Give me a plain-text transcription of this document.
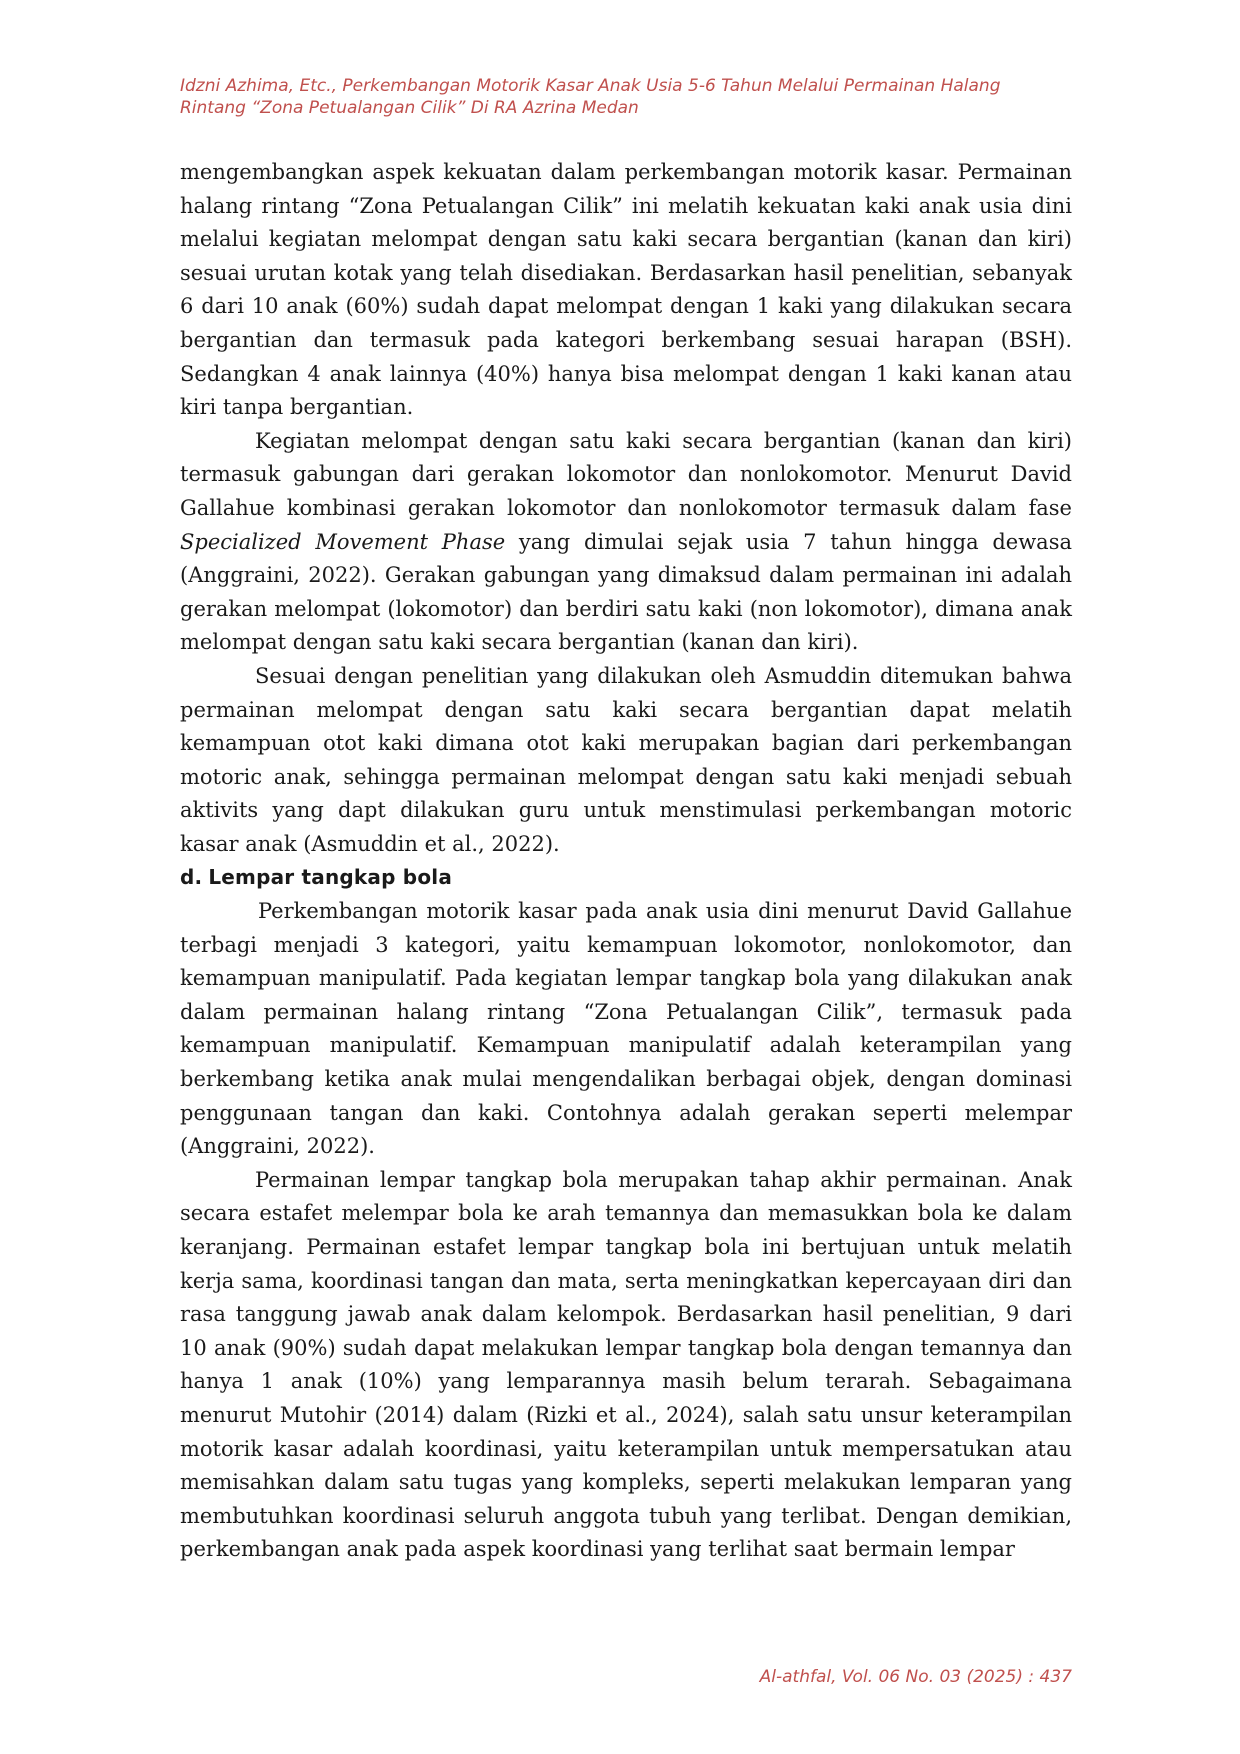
Idzni Azhima, Etc., Perkembangan Motorik Kasar Anak Usia 5-6 Tahun Melalui Permainan Halang
Rintang “Zona Petualangan Cilik” Di RA Azrina Medan

mengembangkan aspek kekuatan dalam perkembangan motorik kasar. Permainan halang rintang “Zona Petualangan Cilik” ini melatih kekuatan kaki anak usia dini melalui kegiatan melompat dengan satu kaki secara bergantian (kanan dan kiri) sesuai urutan kotak yang telah disediakan. Berdasarkan hasil penelitian, sebanyak 6 dari 10 anak (60%) sudah dapat melompat dengan 1 kaki yang dilakukan secara bergantian dan termasuk pada kategori berkembang sesuai harapan (BSH). Sedangkan 4 anak lainnya (40%) hanya bisa melompat dengan 1 kaki kanan atau kiri tanpa bergantian.

Kegiatan melompat dengan satu kaki secara bergantian (kanan dan kiri) termasuk gabungan dari gerakan lokomotor dan nonlokomotor. Menurut David Gallahue kombinasi gerakan lokomotor dan nonlokomotor termasuk dalam fase Specialized Movement Phase yang dimulai sejak usia 7 tahun hingga dewasa (Anggraini, 2022). Gerakan gabungan yang dimaksud dalam permainan ini adalah gerakan melompat (lokomotor) dan berdiri satu kaki (non lokomotor), dimana anak melompat dengan satu kaki secara bergantian (kanan dan kiri).

Sesuai dengan penelitian yang dilakukan oleh Asmuddin ditemukan bahwa permainan melompat dengan satu kaki secara bergantian dapat melatih kemampuan otot kaki dimana otot kaki merupakan bagian dari perkembangan motoric anak, sehingga permainan melompat dengan satu kaki menjadi sebuah aktivits yang dapt dilakukan guru untuk menstimulasi perkembangan motoric kasar anak (Asmuddin et al., 2022).

d. Lempar tangkap bola

Perkembangan motorik kasar pada anak usia dini menurut David Gallahue terbagi menjadi 3 kategori, yaitu kemampuan lokomotor, nonlokomotor, dan kemampuan manipulatif. Pada kegiatan lempar tangkap bola yang dilakukan anak dalam permainan halang rintang “Zona Petualangan Cilik”, termasuk pada kemampuan manipulatif. Kemampuan manipulatif adalah keterampilan yang berkembang ketika anak mulai mengendalikan berbagai objek, dengan dominasi penggunaan tangan dan kaki. Contohnya adalah gerakan seperti melempar (Anggraini, 2022).

Permainan lempar tangkap bola merupakan tahap akhir permainan. Anak secara estafet melempar bola ke arah temannya dan memasukkan bola ke dalam keranjang. Permainan estafet lempar tangkap bola ini bertujuan untuk melatih kerja sama, koordinasi tangan dan mata, serta meningkatkan kepercayaan diri dan rasa tanggung jawab anak dalam kelompok. Berdasarkan hasil penelitian, 9 dari 10 anak (90%) sudah dapat melakukan lempar tangkap bola dengan temannya dan hanya 1 anak (10%) yang lemparannya masih belum terarah. Sebagaimana menurut Mutohir (2014) dalam (Rizki et al., 2024), salah satu unsur keterampilan motorik kasar adalah koordinasi, yaitu keterampilan untuk mempersatukan atau memisahkan dalam satu tugas yang kompleks, seperti melakukan lemparan yang membutuhkan koordinasi seluruh anggota tubuh yang terlibat. Dengan demikian, perkembangan anak pada aspek koordinasi yang terlihat saat bermain lempar

Al-athfal, Vol. 06 No. 03 (2025) : 437
